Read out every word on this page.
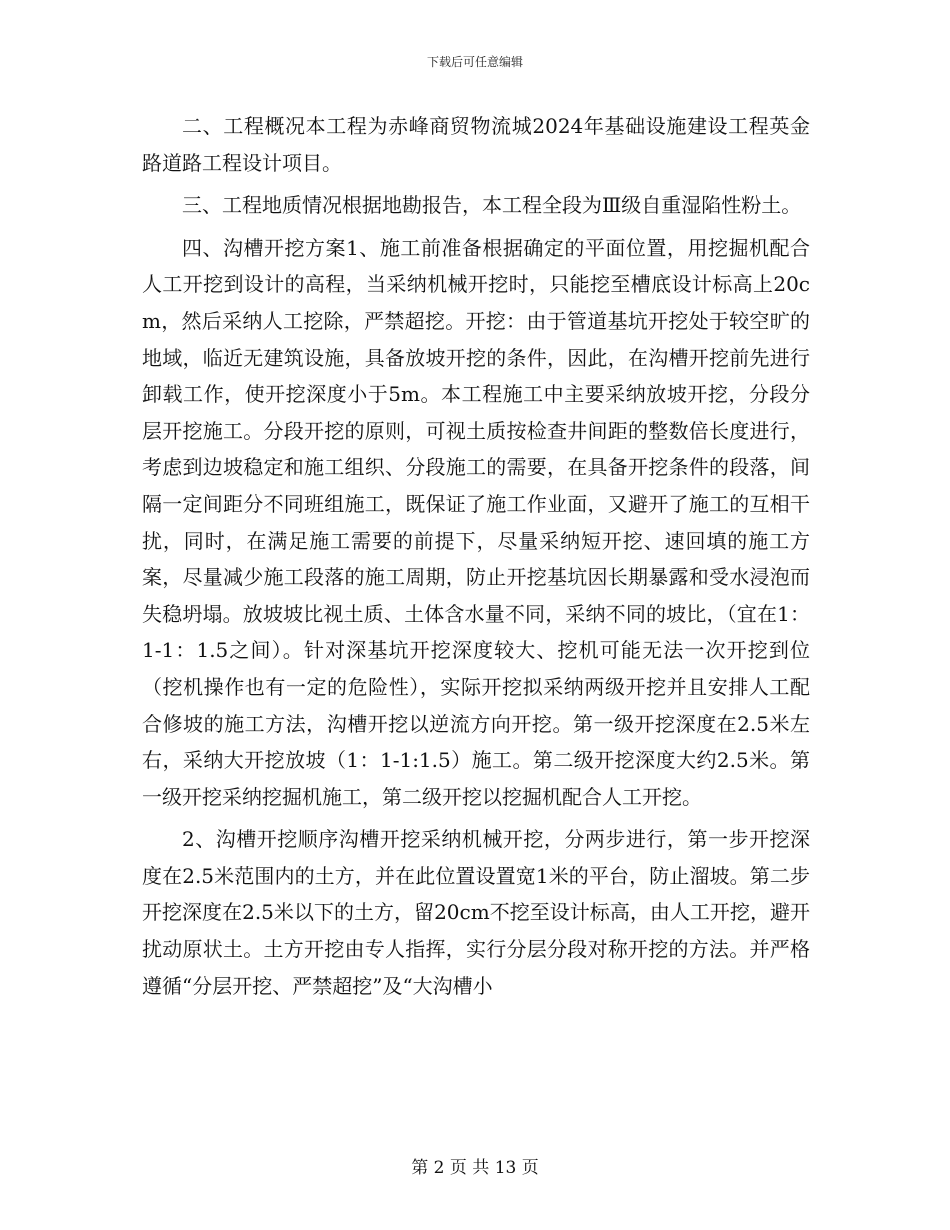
下载后可任意编辑

二、工程概况本工程为赤峰商贸物流城2024年基础设施建设工程英金路道路工程设计项目。

三、工程地质情况根据地勘报告，本工程全段为Ⅲ级自重湿陷性粉土。

四、沟槽开挖方案1、施工前准备根据确定的平面位置，用挖掘机配合人工开挖到设计的高程，当采纳机械开挖时，只能挖至槽底设计标高上20cm，然后采纳人工挖除，严禁超挖。开挖：由于管道基坑开挖处于较空旷的地域，临近无建筑设施，具备放坡开挖的条件，因此，在沟槽开挖前先进行卸载工作，使开挖深度小于5m。本工程施工中主要采纳放坡开挖，分段分层开挖施工。分段开挖的原则，可视土质按检查井间距的整数倍长度进行，考虑到边坡稳定和施工组织、分段施工的需要，在具备开挖条件的段落，间隔一定间距分不同班组施工，既保证了施工作业面，又避开了施工的互相干扰，同时，在满足施工需要的前提下，尽量采纳短开挖、速回填的施工方案，尽量减少施工段落的施工周期，防止开挖基坑因长期暴露和受水浸泡而失稳坍塌。放坡坡比视土质、土体含水量不同，采纳不同的坡比，（宜在1：1-1：1.5之间）。针对深基坑开挖深度较大、挖机可能无法一次开挖到位（挖机操作也有一定的危险性），实际开挖拟采纳两级开挖并且安排人工配合修坡的施工方法，沟槽开挖以逆流方向开挖。第一级开挖深度在2.5米左右，采纳大开挖放坡（1：1-1:1.5）施工。第二级开挖深度大约2.5米。第一级开挖采纳挖掘机施工，第二级开挖以挖掘机配合人工开挖。

2、沟槽开挖顺序沟槽开挖采纳机械开挖，分两步进行，第一步开挖深度在2.5米范围内的土方，并在此位置设置宽1米的平台，防止溜坡。第二步开挖深度在2.5米以下的土方，留20cm不挖至设计标高，由人工开挖，避开扰动原状土。土方开挖由专人指挥，实行分层分段对称开挖的方法。并严格遵循“分层开挖、严禁超挖”及“大沟槽小

第 2 页 共 13 页
